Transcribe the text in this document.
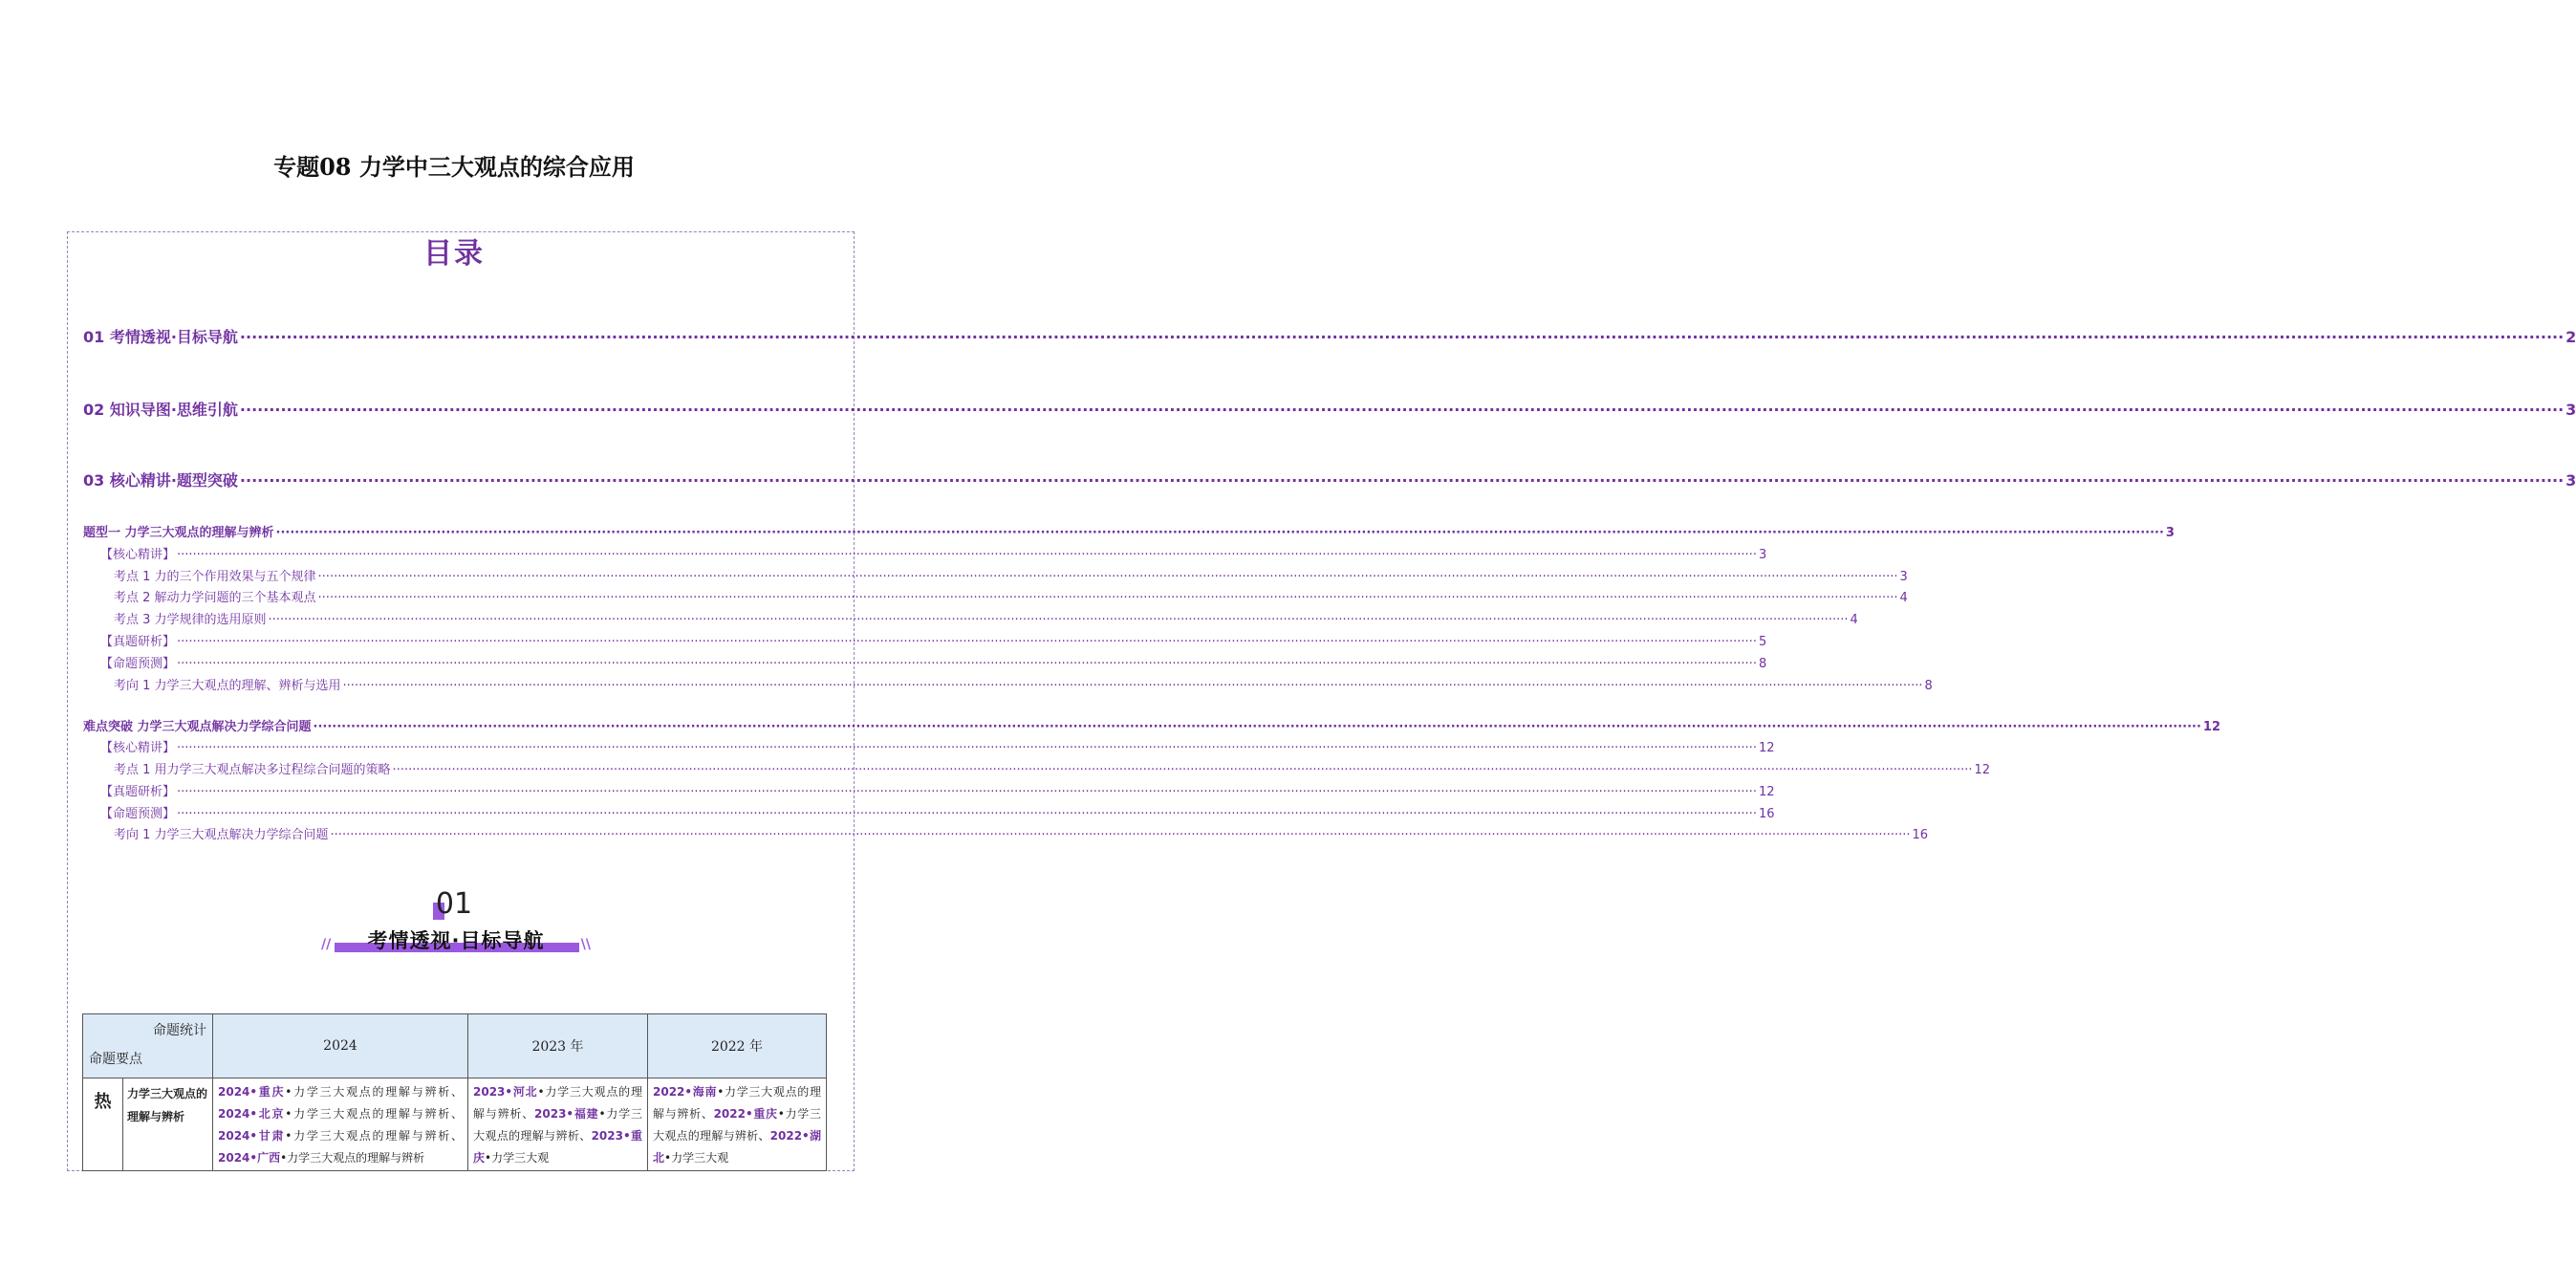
专题08 力学中三大观点的综合应用
目录
01 考情透视·目标导航 ················································································································································································································································································································································································································ 2
02 知识导图·思维引航 ················································································································································································································································································································································································································ 3
03 核心精讲·题型突破 ················································································································································································································································································································································································································ 3
题型一 力学三大观点的理解与辨析 ················································································································································································································································································································································································································ 3
【核心精讲】 ················································································································································································································································································································································································································ 3
考点 1 力的三个作用效果与五个规律 ················································································································································································································································································································································································································ 3
考点 2 解动力学问题的三个基本观点 ················································································································································································································································································································································································································ 4
考点 3 力学规律的选用原则 ················································································································································································································································································································································································································ 4
【真题研析】 ················································································································································································································································································································································································································ 5
【命题预测】 ················································································································································································································································································································································································································ 8
考向 1 力学三大观点的理解、辨析与选用 ················································································································································································································································································································································································································ 8
难点突破 力学三大观点解决力学综合问题 ················································································································································································································································································································································································································ 12
【核心精讲】 ················································································································································································································································································································································································································ 12
考点 1 用力学三大观点解决多过程综合问题的策略 ················································································································································································································································································································································································································ 12
【真题研析】 ················································································································································································································································································································································································································ 12
【命题预测】 ················································································································································································································································································································································································································ 16
考向 1 力学三大观点解决力学综合问题 ················································································································································································································································································································································································································ 16
01
//	考情透视·目标导航	\\
命题统计
命题要点		2024	2023 年	2022 年
热	力学三大观点的理解与辨析	2024•重庆•力学三大观点的理解与辨析、2024•北京•力学三大观点的理解与辨析、2024•甘肃•力学三大观点的理解与辨析、2024•广西•力学三大观点的理解与辨析	2023•河北•力学三大观点的理解与辨析、2023•福建•力学三大观点的理解与辨析、2023•重庆•力学三大观	2022•海南•力学三大观点的理解与辨析、2022•重庆•力学三大观点的理解与辨析、2022•湖北•力学三大观
